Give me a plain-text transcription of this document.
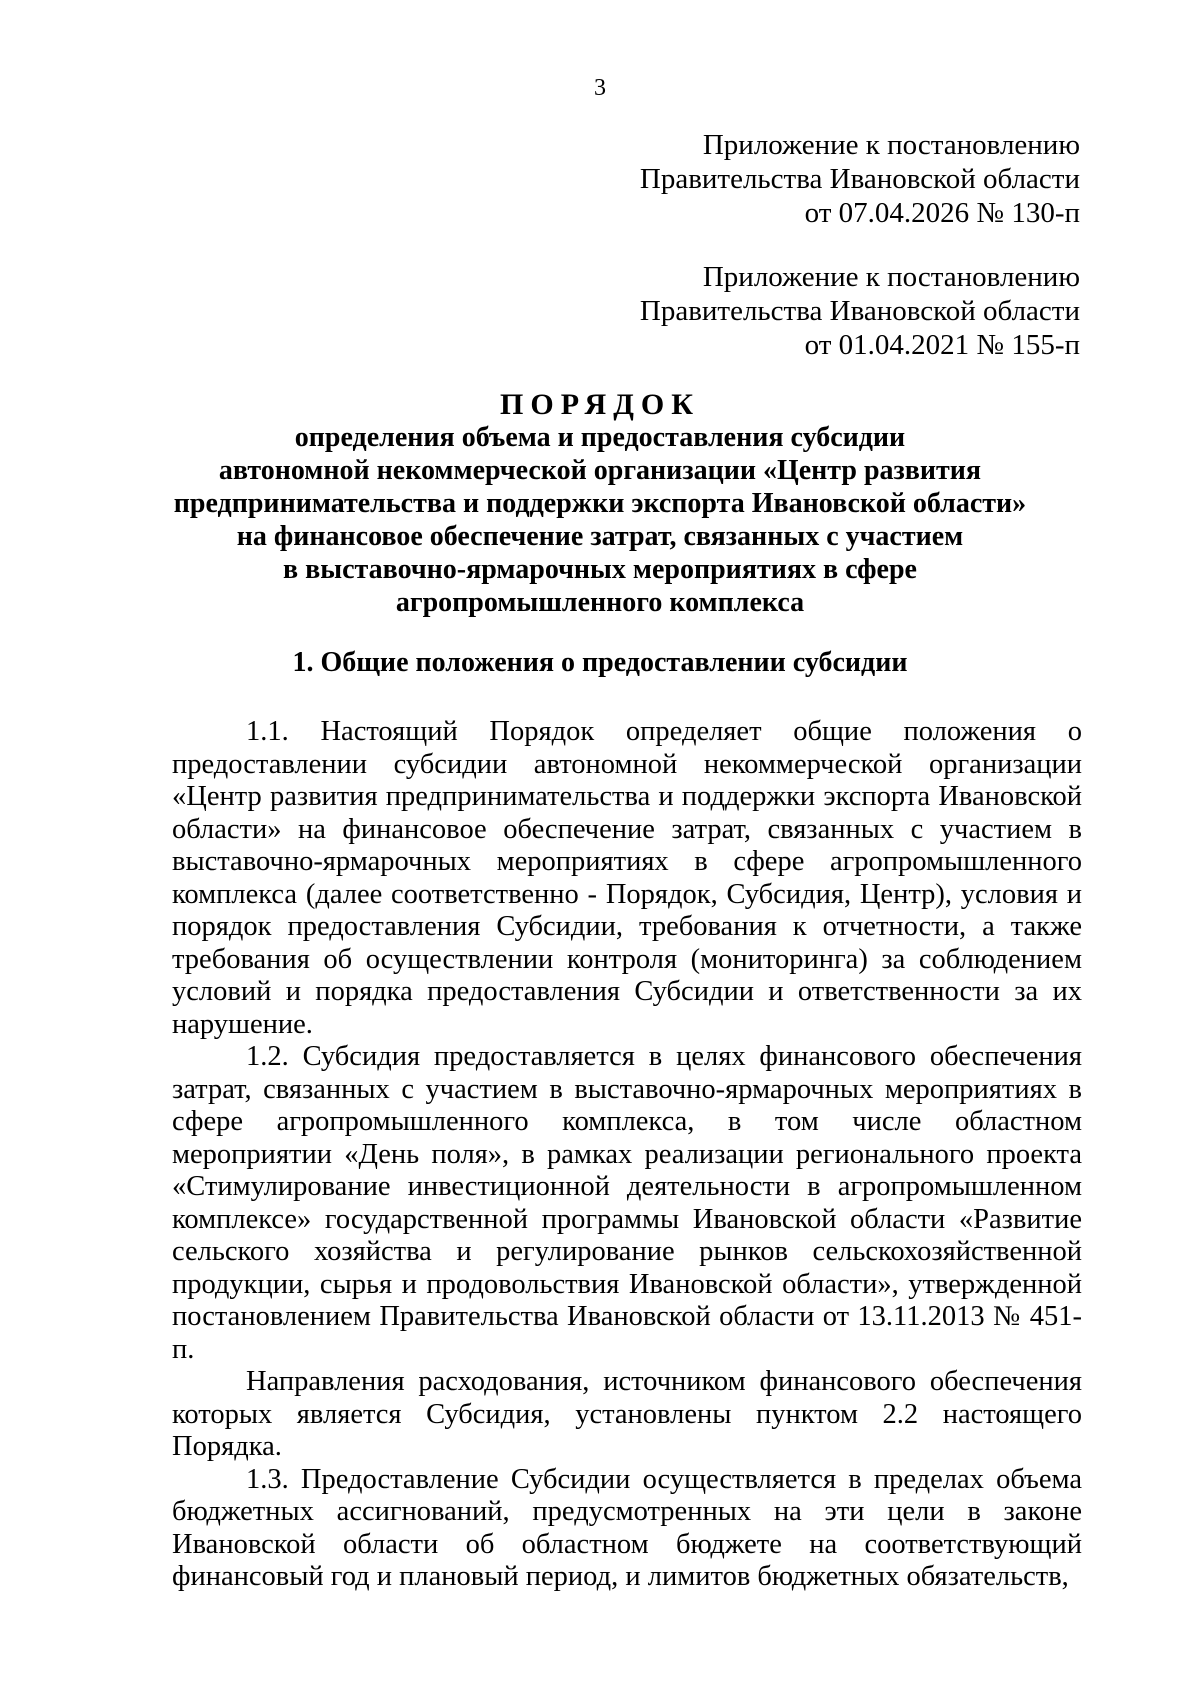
3
Приложение к постановлению
Правительства Ивановской области
от 07.04.2026 № 130-п
Приложение к постановлению
Правительства Ивановской области
от 01.04.2021 № 155-п
ПОРЯДОК
определения объема и предоставления субсидии
автономной некоммерческой организации «Центр развития
предпринимательства и поддержки экспорта Ивановской области»
на финансовое обеспечение затрат, связанных с участием
в выставочно-ярмарочных мероприятиях в сфере
агропромышленного комплекса
1. Общие положения о предоставлении субсидии

1.1. Настоящий Порядок определяет общие положения о предоставлении субсидии автономной некоммерческой организации «Центр развития предпринимательства и поддержки экспорта Ивановской области» на финансовое обеспечение затрат, связанных с участием в выставочно-ярмарочных мероприятиях в сфере агропромышленного комплекса (далее соответственно - Порядок, Субсидия, Центр), условия и порядок предоставления Субсидии, требования к отчетности, а также требования об осуществлении контроля (мониторинга) за соблюдением условий и порядка предоставления Субсидии и ответственности за их нарушение.

1.2. Субсидия предоставляется в целях финансового обеспечения затрат, связанных с участием в выставочно-ярмарочных мероприятиях в сфере агропромышленного комплекса, в том числе областном мероприятии «День поля», в рамках реализации регионального проекта «Стимулирование инвестиционной деятельности в агропромышленном комплексе» государственной программы Ивановской области «Развитие сельского хозяйства и регулирование рынков сельскохозяйственной продукции, сырья и продовольствия Ивановской области», утвержденной постановлением Правительства Ивановской области от 13.11.2013 № 451-п.

Направления расходования, источником финансового обеспечения которых является Субсидия, установлены пунктом 2.2 настоящего Порядка.

1.3. Предоставление Субсидии осуществляется в пределах объема бюджетных ассигнований, предусмотренных на эти цели в законе Ивановской области об областном бюджете на соответствующий финансовый год и плановый период, и лимитов бюджетных обязательств,
